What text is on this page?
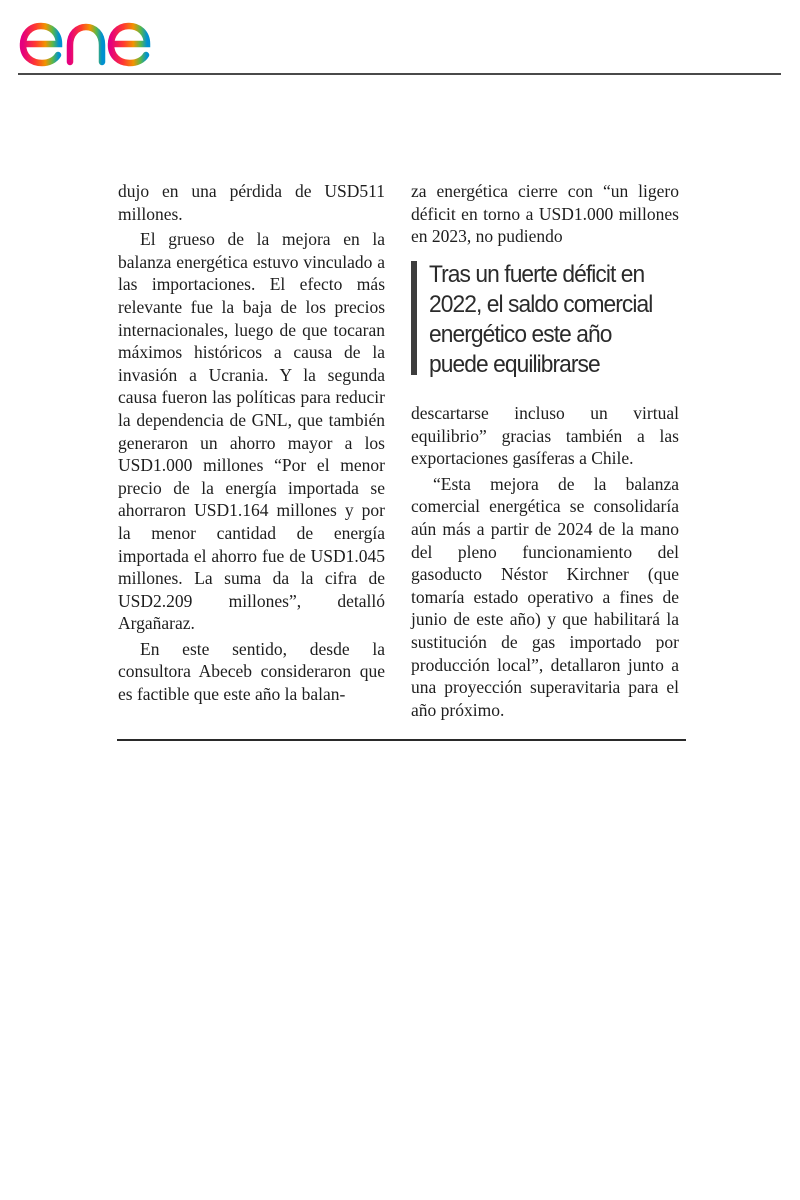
dujo en una pérdida de USD511 millones.

El grueso de la mejora en la balanza energética estuvo vinculado a las importaciones. El efecto más relevante fue la baja de los precios internacionales, luego de que tocaran máximos históricos a causa de la invasión a Ucrania. Y la segunda causa fueron las políticas para reducir la dependencia de GNL, que también generaron un ahorro mayor a los USD1.000 millones “Por el menor precio de la energía importada se ahorraron USD1.164 millones y por la menor cantidad de energía importada el ahorro fue de USD1.045 millones. La suma da la cifra de USD2.209 millones”, detalló Argañaraz.

En este sentido, desde la consultora Abeceb consideraron que es factible que este año la balan-

za energética cierre con “un ligero déficit en torno a USD1.000 millones en 2023, no pudiendo

Tras un fuerte déficit en 2022, el saldo comercial energético este año puede equilibrarse

descartarse incluso un virtual equilibrio” gracias también a las exportaciones gasíferas a Chile.

“Esta mejora de la balanza comercial energética se consolidaría aún más a partir de 2024 de la mano del pleno funcionamiento del gasoducto Néstor Kirchner (que tomaría estado operativo a fines de junio de este año) y que habilitará la sustitución de gas importado por producción local”, detallaron junto a una proyección superavitaria para el año próximo.
